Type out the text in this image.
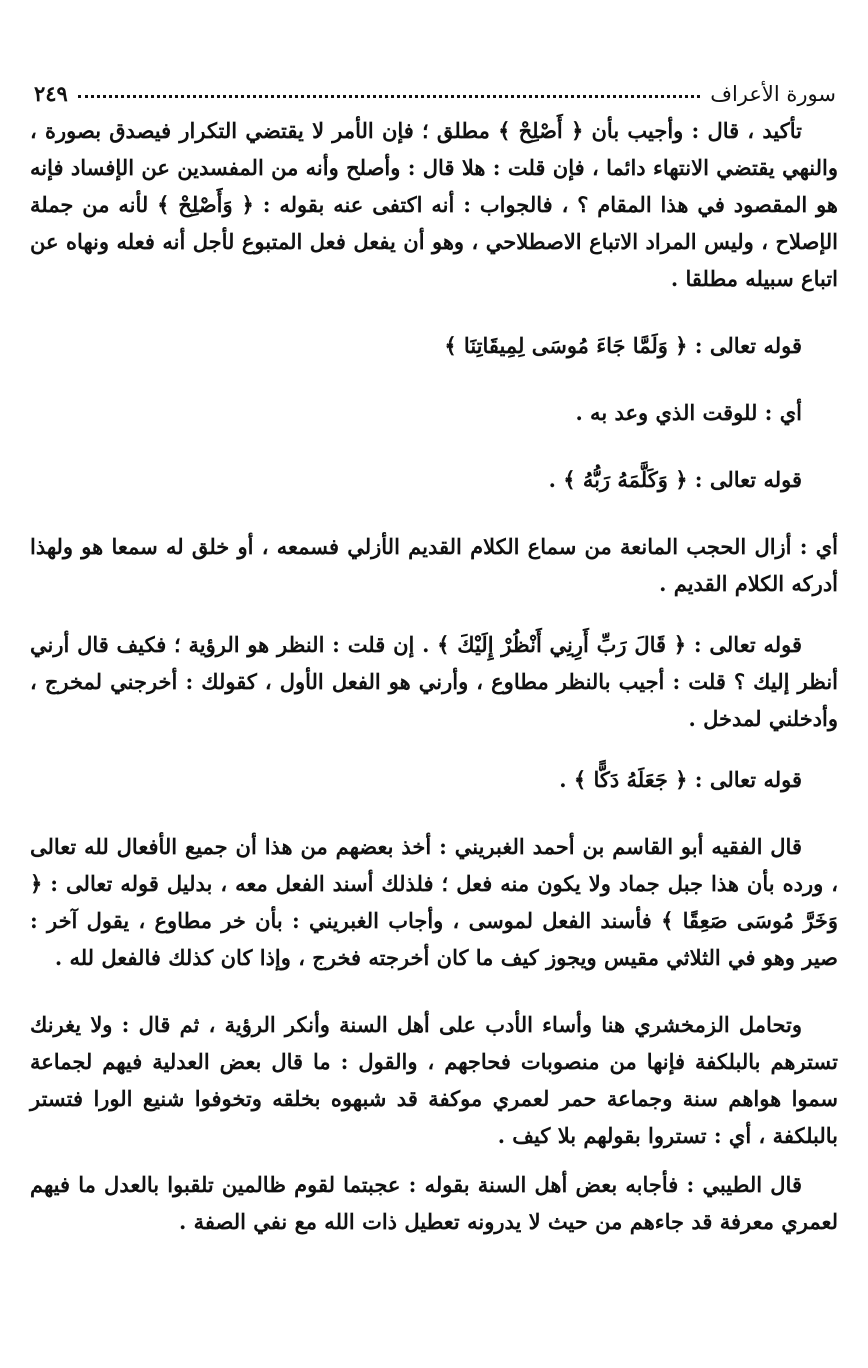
سورة الأعراف
٢٤٩

تأكيد ، قال : وأجيب بأن ﴿ أَصْلِحْ ﴾ مطلق ؛ فإن الأمر لا يقتضي التكرار فيصدق بصورة ، والنهي يقتضي الانتهاء دائما ، فإن قلت : هلا قال : وأصلح وأنه من المفسدين عن الإفساد فإنه هو المقصود في هذا المقام ؟ ، فالجواب : أنه اكتفى عنه بقوله : ﴿ وَأَصْلِحْ ﴾ لأنه من جملة الإصلاح ، وليس المراد الاتباع الاصطلاحي ، وهو أن يفعل فعل المتبوع لأجل أنه فعله ونهاه عن اتباع سبيله مطلقا .

قوله تعالى : ﴿ وَلَمَّا جَاءَ مُوسَى لِمِيقَاتِنَا ﴾

أي : للوقت الذي وعد به .

قوله تعالى : ﴿ وَكَلَّمَهُ رَبُّهُ ﴾ .

أي : أزال الحجب المانعة من سماع الكلام القديم الأزلي فسمعه ، أو خلق له سمعا هو ولهذا أدركه الكلام القديم .

قوله تعالى : ﴿ قَالَ رَبِّ أَرِنِي أَنْظُرْ إِلَيْكَ ﴾ . إن قلت : النظر هو الرؤية ؛ فكيف قال أرني أنظر إليك ؟ قلت : أجيب بالنظر مطاوع ، وأرني هو الفعل الأول ، كقولك : أخرجني لمخرج ، وأدخلني لمدخل .

قوله تعالى : ﴿ جَعَلَهُ دَكًّا ﴾ .

قال الفقيه أبو القاسم بن أحمد الغبريني : أخذ بعضهم من هذا أن جميع الأفعال لله تعالى ، ورده بأن هذا جبل جماد ولا يكون منه فعل ؛ فلذلك أسند الفعل معه ، بدليل قوله تعالى : ﴿ وَخَرَّ مُوسَى صَعِقًا ﴾ فأسند الفعل لموسى ، وأجاب الغبريني : بأن خر مطاوع ، يقول آخر : صير وهو في الثلاثي مقيس ويجوز كيف ما كان أخرجته فخرج ، وإذا كان كذلك فالفعل لله .

وتحامل الزمخشري هنا وأساء الأدب على أهل السنة وأنكر الرؤية ، ثم قال : ولا يغرنك تسترهم بالبلكفة فإنها من منصوبات فحاجهم ، والقول : ما قال بعض العدلية فيهم لجماعة سموا هواهم سنة وجماعة حمر لعمري موكفة قد شبهوه بخلقه وتخوفوا شنيع الورا فتستر بالبلكفة ، أي : تستروا بقولهم بلا كيف .

قال الطيبي : فأجابه بعض أهل السنة بقوله : عجبتما لقوم ظالمين تلقبوا بالعدل ما فيهم لعمري معرفة قد جاءهم من حيث لا يدرونه تعطيل ذات الله مع نفي الصفة .
